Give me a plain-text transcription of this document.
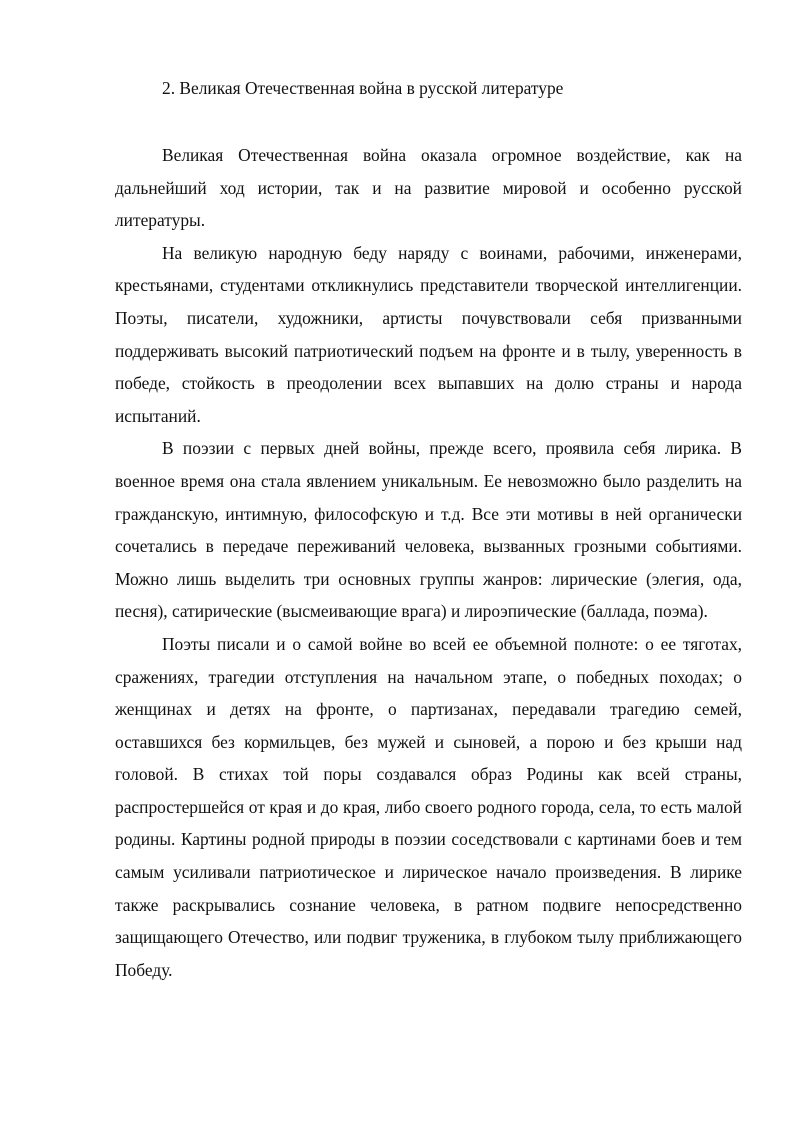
2. Великая Отечественная война в русской литературе

Великая Отечественная война оказала огромное воздействие, как на дальнейший ход истории, так и на развитие мировой и особенно русской литературы.

На великую народную беду наряду с воинами, рабочими, инженерами, крестьянами, студентами откликнулись представители творческой интеллигенции. Поэты, писатели, художники, артисты почувствовали себя призванными поддерживать высокий патриотический подъем на фронте и в тылу, уверенность в победе, стойкость в преодолении всех выпавших на долю страны и народа испытаний.

В поэзии с первых дней войны, прежде всего, проявила себя лирика. В военное время она стала явлением уникальным. Ее невозможно было разделить на гражданскую, интимную, философскую и т.д. Все эти мотивы в ней органически сочетались в передаче переживаний человека, вызванных грозными событиями. Можно лишь выделить три основных группы жанров: лирические (элегия, ода, песня), сатирические (высмеивающие врага) и лироэпические (баллада, поэма).

Поэты писали и о самой войне во всей ее объемной полноте: о ее тяготах, сражениях, трагедии отступления на начальном этапе, о победных походах; о женщинах и детях на фронте, о партизанах, передавали трагедию семей, оставшихся без кормильцев, без мужей и сыновей, а порою и без крыши над головой. В стихах той поры создавался образ Родины как всей страны, распростершейся от края и до края, либо своего родного города, села, то есть малой родины. Картины родной природы в поэзии соседствовали с картинами боев и тем самым усиливали патриотическое и лирическое начало произведения. В лирике также раскрывались сознание человека, в ратном подвиге непосредственно защищающего Отечество, или подвиг труженика, в глубоком тылу приближающего Победу.
